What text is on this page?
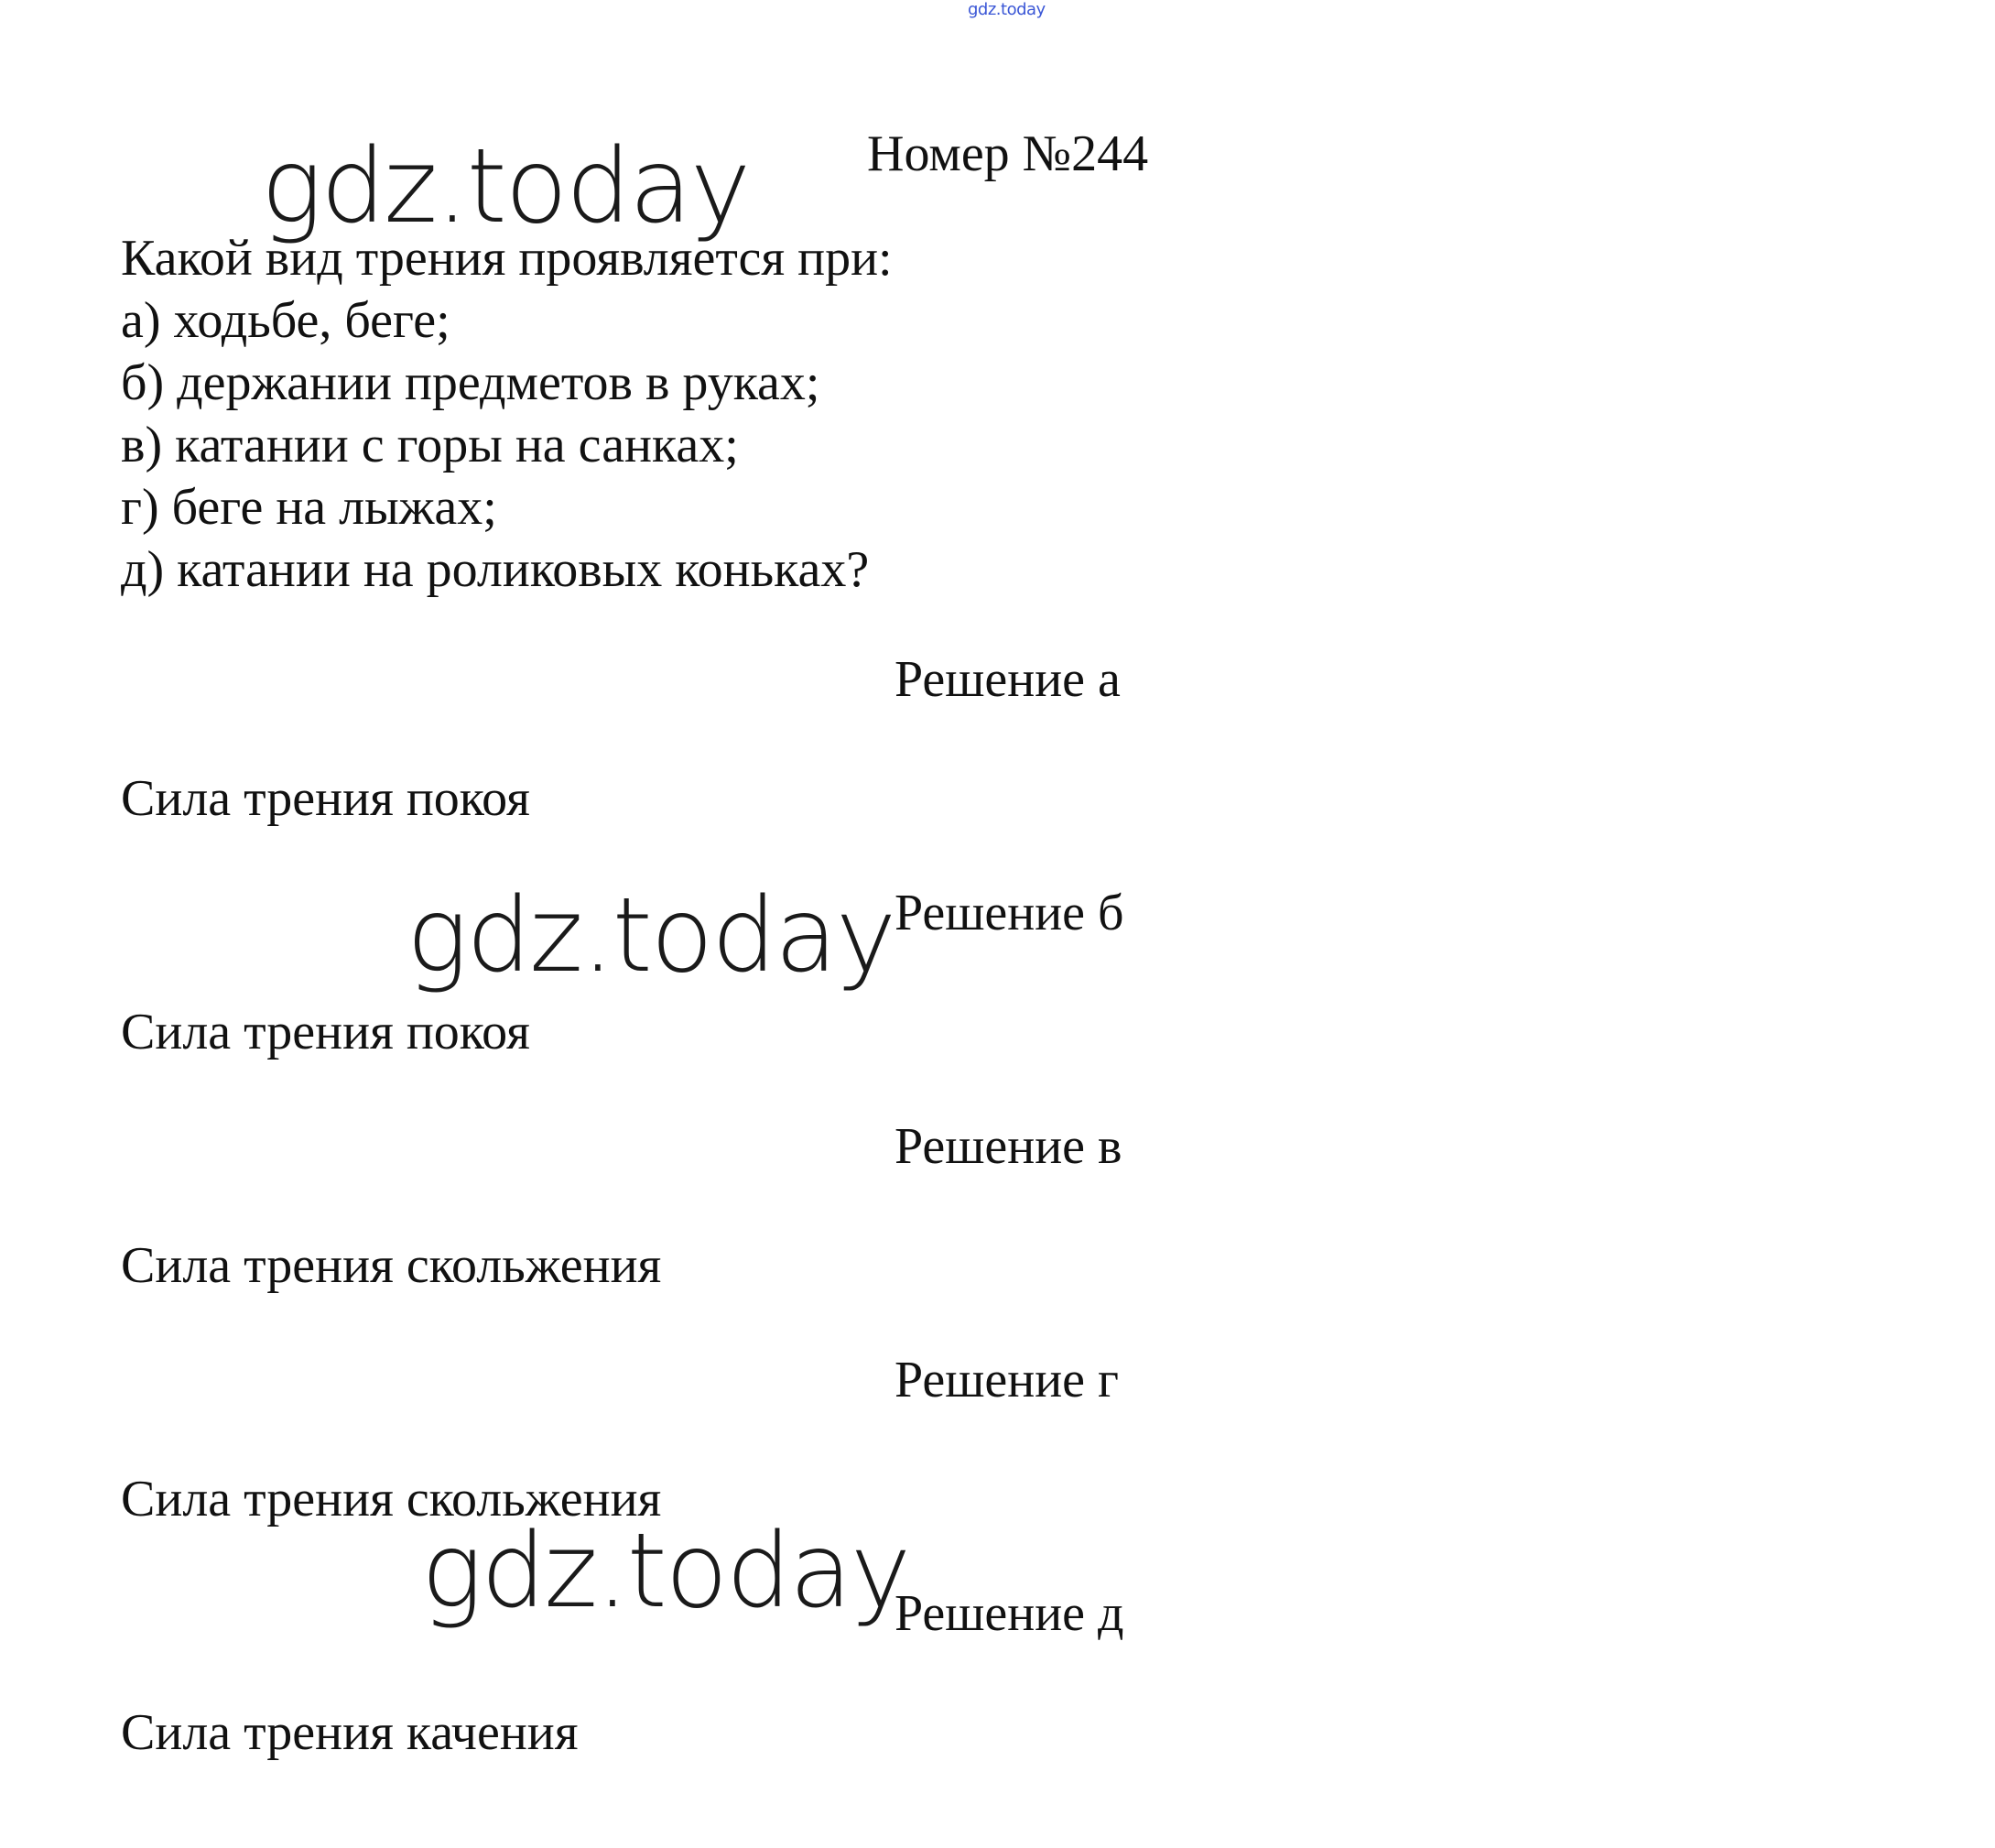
gdz.today
Номер №244
gdz.today
Какой вид трения проявляется при:
а) ходьбе, беге;
б) держании предметов в руках;
в) катании с горы на санках;
г) беге на лыжах;
д) катании на роликовых коньках?
Решение а
Сила трения покоя
gdz.today Решение б
Сила трения покоя
Решение в
Сила трения скольжения
Решение г
Сила трения скольжения
gdz.today
Решение д
Сила трения качения
